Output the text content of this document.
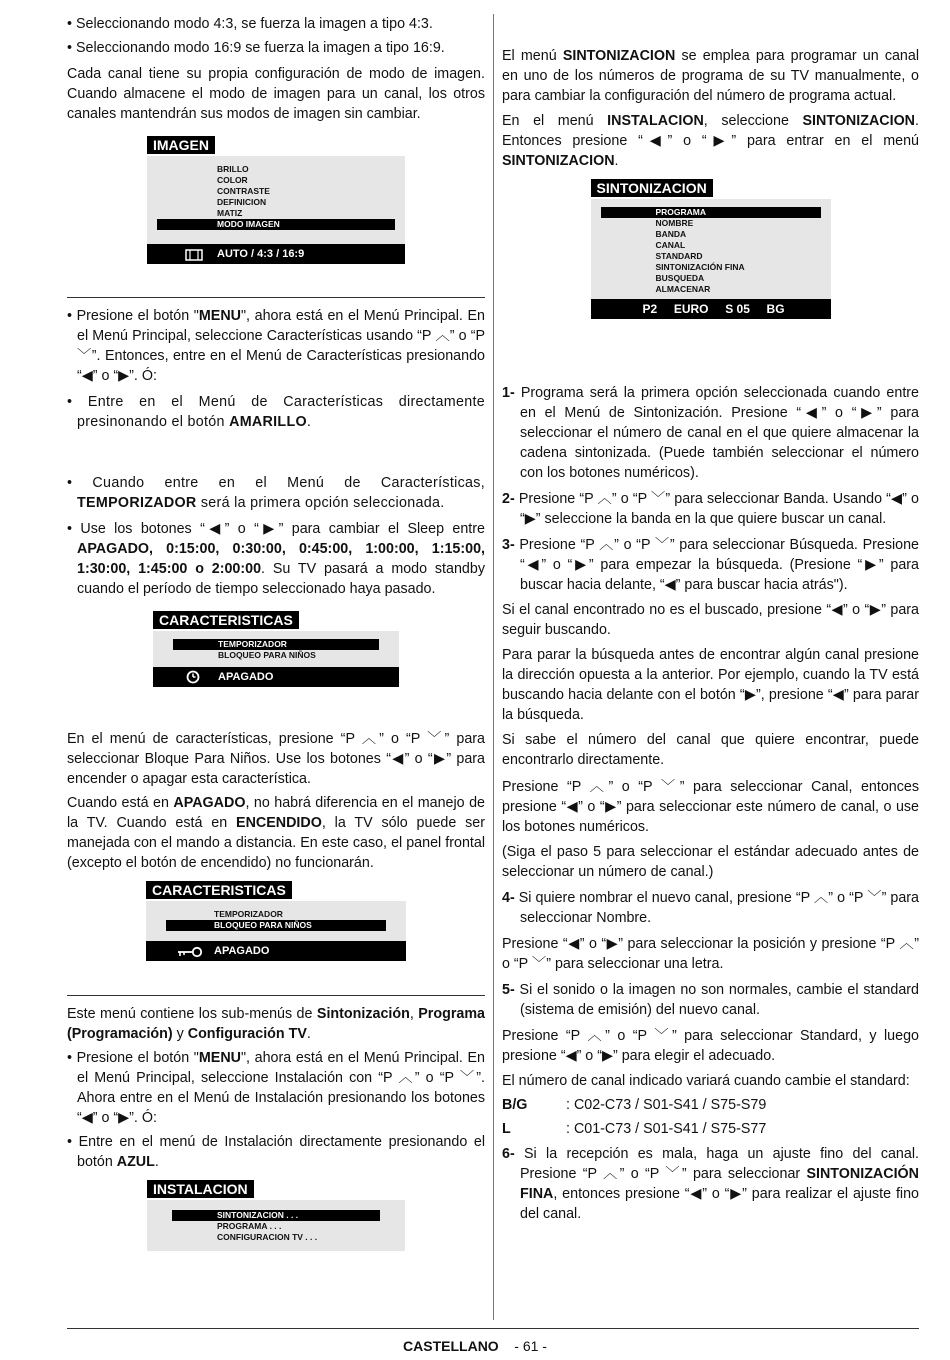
• Seleccionando modo 4:3, se fuerza la imagen a tipo 4:3.

• Seleccionando modo 16:9 se fuerza la imagen a tipo 16:9.

Cada canal tiene su propia configuración de modo de imagen. Cuando almacene el modo de imagen para un canal, los otros canales mantendrán sus modos de imagen sin cambiar.

IMAGEN
BRILLO
COLOR
CONTRASTE
DEFINICION
MATIZ
MODO IMAGEN
AUTO / 4:3 / 16:9

• Presione el botón "MENU", ahora está en el Menú Principal. En el Menú Principal, seleccione Características usando “P ︿” o “P ﹀”. Entonces, entre en el Menú de Características presionando “◀” o “▶”. Ó:

• Entre en el Menú de Características directamente presinonando el botón AMARILLO.

• Cuando entre en el Menú de Características, TEMPORIZADOR será la primera opción seleccionada.

• Use los botones “◀” o “▶” para cambiar el Sleep entre APAGADO, 0:15:00, 0:30:00, 0:45:00, 1:00:00, 1:15:00, 1:30:00, 1:45:00 o 2:00:00. Su TV pasará a modo standby cuando el período de tiempo seleccionado haya pasado.

CARACTERISTICAS
TEMPORIZADOR
BLOQUEO PARA NIÑOS
APAGADO

En el menú de características, presione “P ︿” o “P ﹀” para seleccionar Bloque Para Niños. Use los botones “◀” o “▶” para encender o apagar esta característica.

Cuando está en APAGADO, no habrá diferencia en el manejo de la TV. Cuando está en ENCENDIDO, la TV sólo puede ser manejada con el mando a distancia. En este caso, el panel frontal (excepto el botón de encendido) no funcionarán.

CARACTERISTICAS
TEMPORIZADOR
BLOQUEO PARA NIÑOS
APAGADO

Este menú contiene los sub-menús de Sintonización, Programa (Programación) y Configuración TV.

• Presione el botón "MENU", ahora está en el Menú Principal. En el Menú Principal, seleccione Instalación con “P ︿” o “P ﹀”. Ahora entre en el Menú de Instalación presionando los botones “◀” o “▶”. Ó:

• Entre en el menú de Instalación directamente presionando el botón AZUL.

INSTALACION
SINTONIZACION . . .
PROGRAMA . . .
CONFIGURACION TV . . .

El menú SINTONIZACION se emplea para programar un canal en uno de los números de programa de su TV manualmente, o para cambiar la configuración del número de programa actual.

En el menú INSTALACION, seleccione SINTONIZACION. Entonces presione “◀” o “▶” para entrar en el menú SINTONIZACION.

SINTONIZACION
PROGRAMA
NOMBRE
BANDA
CANAL
STANDARD
SINTONIZACIÓN FINA
BUSQUEDA
ALMACENAR
P2     EURO     S 05     BG

1- Programa será la primera opción seleccionada cuando entre en el Menú de Sintonización. Presione “◀” o “▶” para seleccionar el número de canal en el que quiere almacenar la cadena sintonizada. (Puede también seleccionar el número con los botones numéricos).

2- Presione “P ︿” o “P ﹀” para seleccionar Banda. Usando “◀” o “▶” seleccione la banda en la que quiere buscar un canal.

3- Presione “P ︿” o “P ﹀” para seleccionar Búsqueda. Presione “◀” o “▶” para empezar la búsqueda. (Presione “▶” para buscar hacia delante, “◀” para buscar hacia atrás").

Si el canal encontrado no es el buscado, presione “◀” o “▶” para seguir buscando.

Para parar la búsqueda antes de encontrar algún canal presione la dirección opuesta a la anterior. Por ejemplo, cuando la TV está buscando hacia delante con el botón “▶”, presione “◀” para parar la búsqueda.

Si sabe el número del canal que quiere encontrar, puede encontrarlo directamente.

Presione “P ︿” o “P ﹀” para seleccionar Canal, entonces presione “◀” o “▶” para seleccionar este número de canal, o use los botones numéricos.

(Siga el paso 5 para seleccionar el estándar adecuado antes de seleccionar un número de canal.)

4- Si quiere nombrar el nuevo canal, presione “P ︿” o “P ﹀” para seleccionar Nombre.

Presione “◀” o “▶” para seleccionar la posición y presione “P ︿” o “P ﹀” para seleccionar una letra.

5- Si el sonido o la imagen no son normales, cambie el standard (sistema de emisión) del nuevo canal.

Presione “P ︿” o “P ﹀” para seleccionar Standard, y luego presione “◀” o “▶” para elegir el adecuado.

El número de canal indicado variará cuando cambie el standard:

B/G	: C02-C73 / S01-S41 / S75-S79
L	: C01-C73 / S01-S41 / S75-S77

6- Si la recepción es mala, haga un ajuste fino del canal. Presione “P ︿” o “P ﹀” para seleccionar SINTONIZACIÓN FINA, entonces presione “◀” o “▶” para realizar el ajuste fino del canal.

CASTELLANO - 61 -
